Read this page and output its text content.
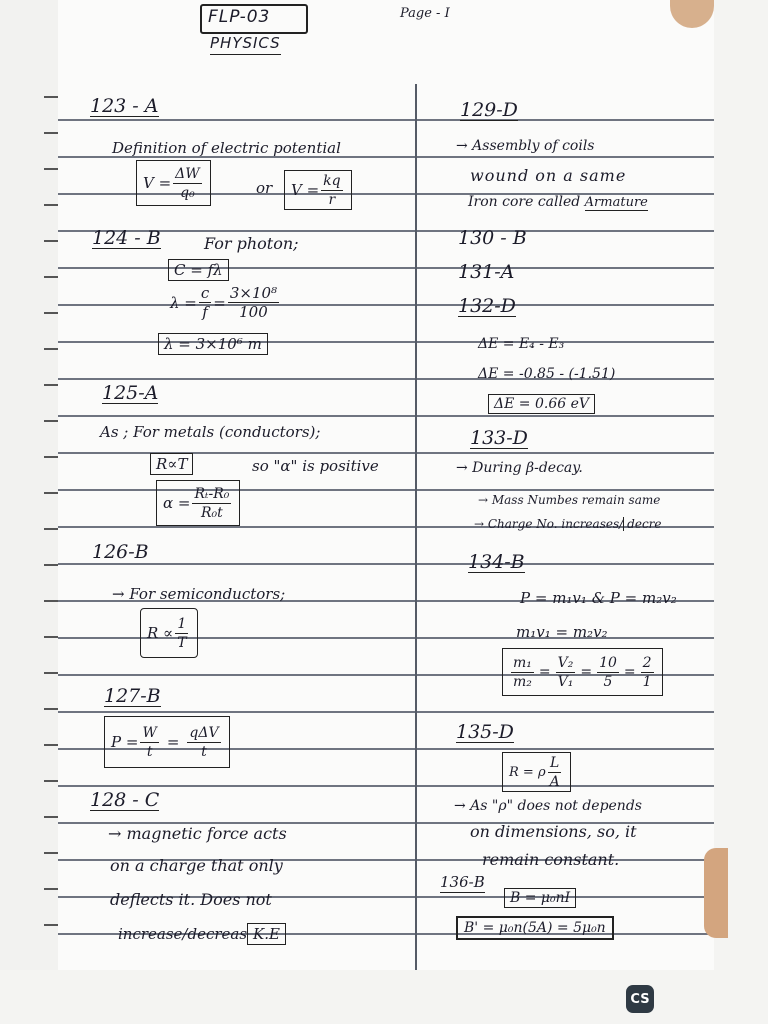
FLP-03
PHYSICS
Page - I
123 - A
Definition of electric potential
$V = \frac{\Delta W}{\text{q₀}}$	or $V = \frac{kq}{r}$
124 - B	For photon;
C = fλ
$\lambda = \frac{c}{f} = \frac{\text{3×10⁸}}{100}$
λ = 3×10⁶ m
125-A
As ; For metals (conductors);
R∝T	so "α" is positive
$\alpha = \frac{\text{Rₜ-R₀}}{\text{R₀t}}$
126-B
→ For semiconductors;
$R \propto \frac{1}{T}$
127-B
$P = \frac{W}{t} = \frac{\text{qΔV}}{t}$
128 - C
→ magnetic force acts
on a charge that only
deflects it. Does not
increase/decreas K.E
129-D
→ Assembly of coils
wound on a same
Iron core called Armature
130 - B
131-A
132-D
ΔE = E₄ - E₃
ΔE = -0.85 - (-1.51)
ΔE = 0.66 eV
133-D
→ During β-decay.
→ Mass Numbes remain same
→ Charge No. increases/ decre
134-B
P = m₁v₁ & P = m₂v₂
m₁v₁ = m₂v₂
$\frac{\text{m₁}}{\text{m₂}} = \frac{\text{V₂}}{\text{V₁}} = \frac{10}{5} = \frac{2}{1}$
135-D
R = ρ $\frac{L}{A}$
→ As "ρ" does not depends
on dimensions, so, it
remain constant.
136-B
B = μ₀nI
B' = μ₀n(5A) = 5μ₀n
CS
